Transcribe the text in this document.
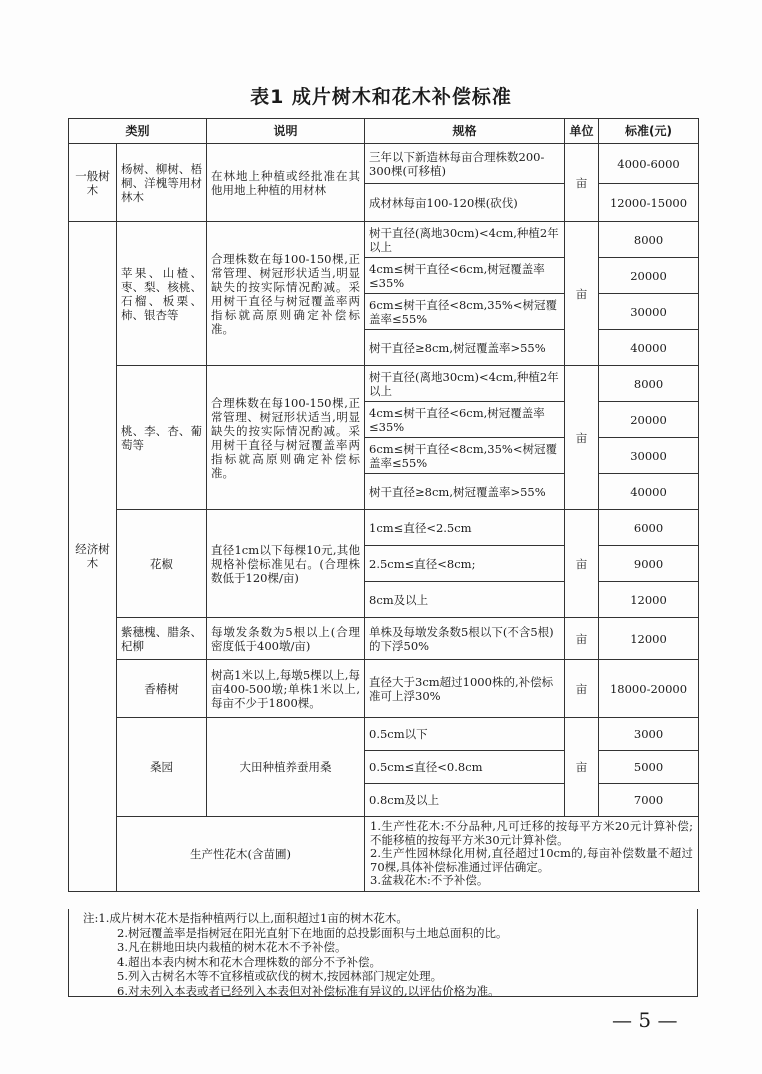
表1 成片树木和花木补偿标准
类别		说明	规格	单位	标准(元)
一般树木	杨树、柳树、梧桐、洋槐等用材林木	在林地上种植或经批准在其他用地上种植的用材林	三年以下新造林每亩合理株数200-300棵(可移植)	亩	4000-6000
			成材林每亩100-120棵(砍伐)		12000-15000
经济树木	苹果、山楂、枣、梨、核桃、石榴、板栗、柿、银杏等	合理株数在每100-150棵,正常管理、树冠形状适当,明显缺失的按实际情况酌减。采用树干直径与树冠覆盖率两指标就高原则确定补偿标准。	树干直径(离地30cm)<4cm,种植2年以上	亩	8000
			4cm≤树干直径<6cm,树冠覆盖率≤35%		20000
			6cm≤树干直径<8cm,35%<树冠覆盖率≤55%		30000
			树干直径≥8cm,树冠覆盖率>55%		40000
	桃、李、杏、葡萄等	合理株数在每100-150棵,正常管理、树冠形状适当,明显缺失的按实际情况酌减。采用树干直径与树冠覆盖率两指标就高原则确定补偿标准。	树干直径(离地30cm)<4cm,种植2年以上	亩	8000
			4cm≤树干直径<6cm,树冠覆盖率≤35%		20000
			6cm≤树干直径<8cm,35%<树冠覆盖率≤55%		30000
			树干直径≥8cm,树冠覆盖率>55%		40000
	花椒	直径1cm以下每棵10元,其他规格补偿标准见右。(合理株数低于120棵/亩)	1cm≤直径<2.5cm	亩	6000
			2.5cm≤直径<8cm;		9000
			8cm及以上		12000
	紫穗槐、腊条、杞柳	每墩发条数为5根以上(合理密度低于400墩/亩)	单株及每墩发条数5根以下(不含5根)的下浮50%	亩	12000
	香椿树	树高1米以上,每墩5棵以上,每亩400-500墩;单株1米以上,每亩不少于1800棵。	直径大于3cm超过1000株的,补偿标准可上浮30%	亩	18000-20000
	桑园	大田种植养蚕用桑	0.5cm以下	亩	3000
			0.5cm≤直径<0.8cm		5000
			0.8cm及以上		7000
	生产性花木(含苗圃)		1.生产性花木:不分品种,凡可迁移的按每平方米20元计算补偿;不能移植的按每平方米30元计算补偿。
2.生产性园林绿化用树,直径超过10cm的,每亩补偿数量不超过70棵,具体补偿标准通过评估确定。
3.盆栽花木:不予补偿。		
注:1.成片树木花木是指种植两行以上,面积超过1亩的树木花木。
2.树冠覆盖率是指树冠在阳光直射下在地面的总投影面积与土地总面积的比。
3.凡在耕地田块内栽植的树木花木不予补偿。
4.超出本表内树木和花木合理株数的部分不予补偿。
5.列入古树名木等不宜移植或砍伐的树木,按园林部门规定处理。
6.对未列入本表或者已经列入本表但对补偿标准有异议的,以评估价格为准。
— 5 —
